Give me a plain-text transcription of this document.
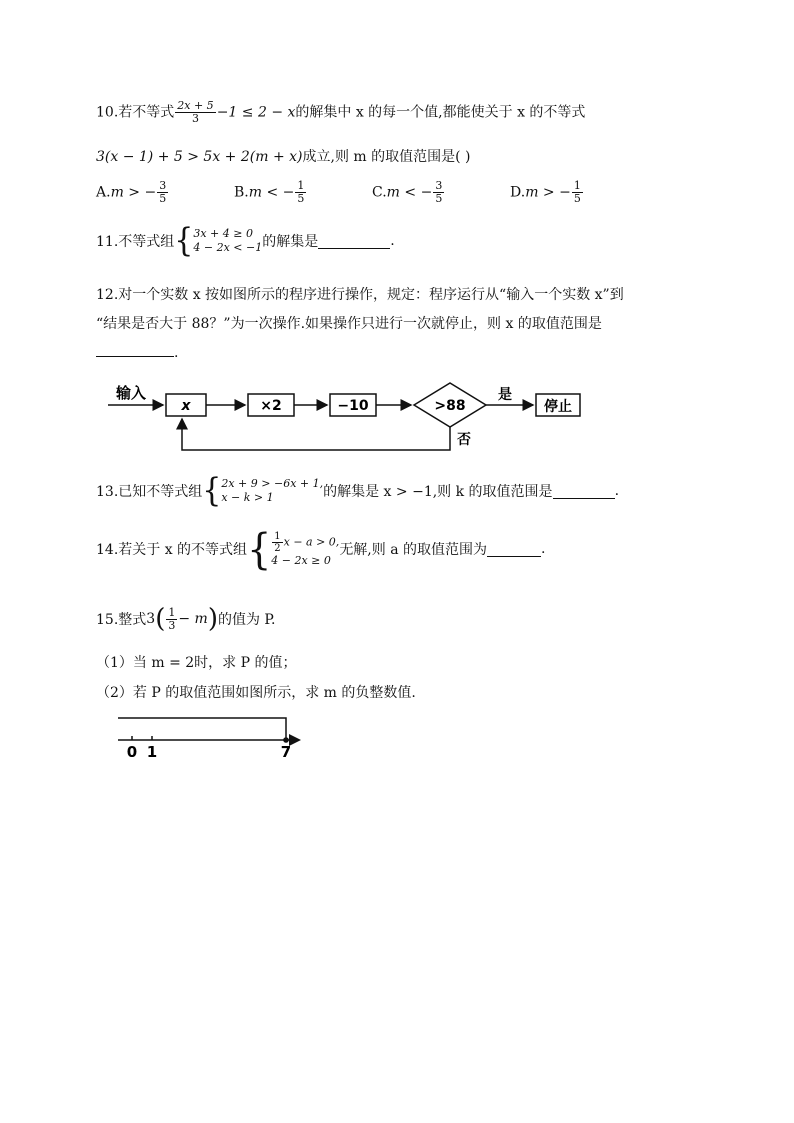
10.若不等式 $\frac{2x + 5}{3} -1 \le 2 - x$的解集中 x 的每一个值,都能使关于 x 的不等式
3(x − 1) + 5 > 5x + 2(m + x)成立,则 m 的取值范围是( )
A.m > − $\frac{3}{5}$	B.m < − $\frac{1}{5}$	C.m < − $\frac{3}{5}$	D.m > − $\frac{1}{5}$
11.不等式组{ 3x + 4 ≥ 0
4 − 2x < −1 的解集是	.
12.对一个实数 x 按如图所示的程序进行操作，规定：程序运行从“输入一个实数 x”到
“结果是否大于 88？”为一次操作.如果操作只进行一次就停止，则 x 的取值范围是
.
输入
x	×2	−10	>88
是
停止
否
13.已知不等式组{ 2x + 9 > −6x + 1,
x − k > 1	的解集是 x > −1,则 k 的取值范围是	.
14.若关于 x 的不等式组{ $\frac{1}{2}$ x − a > 0,
4 − 2x ≥ 0
无解,则 a 的取值范围为	.
15.整式$3( \frac{1}{3} - m)$的值为 P.
（1）当 m = 2时，求 P 的值；
（2）若 P 的取值范围如图所示，求 m 的负整数值.
0 1	7
